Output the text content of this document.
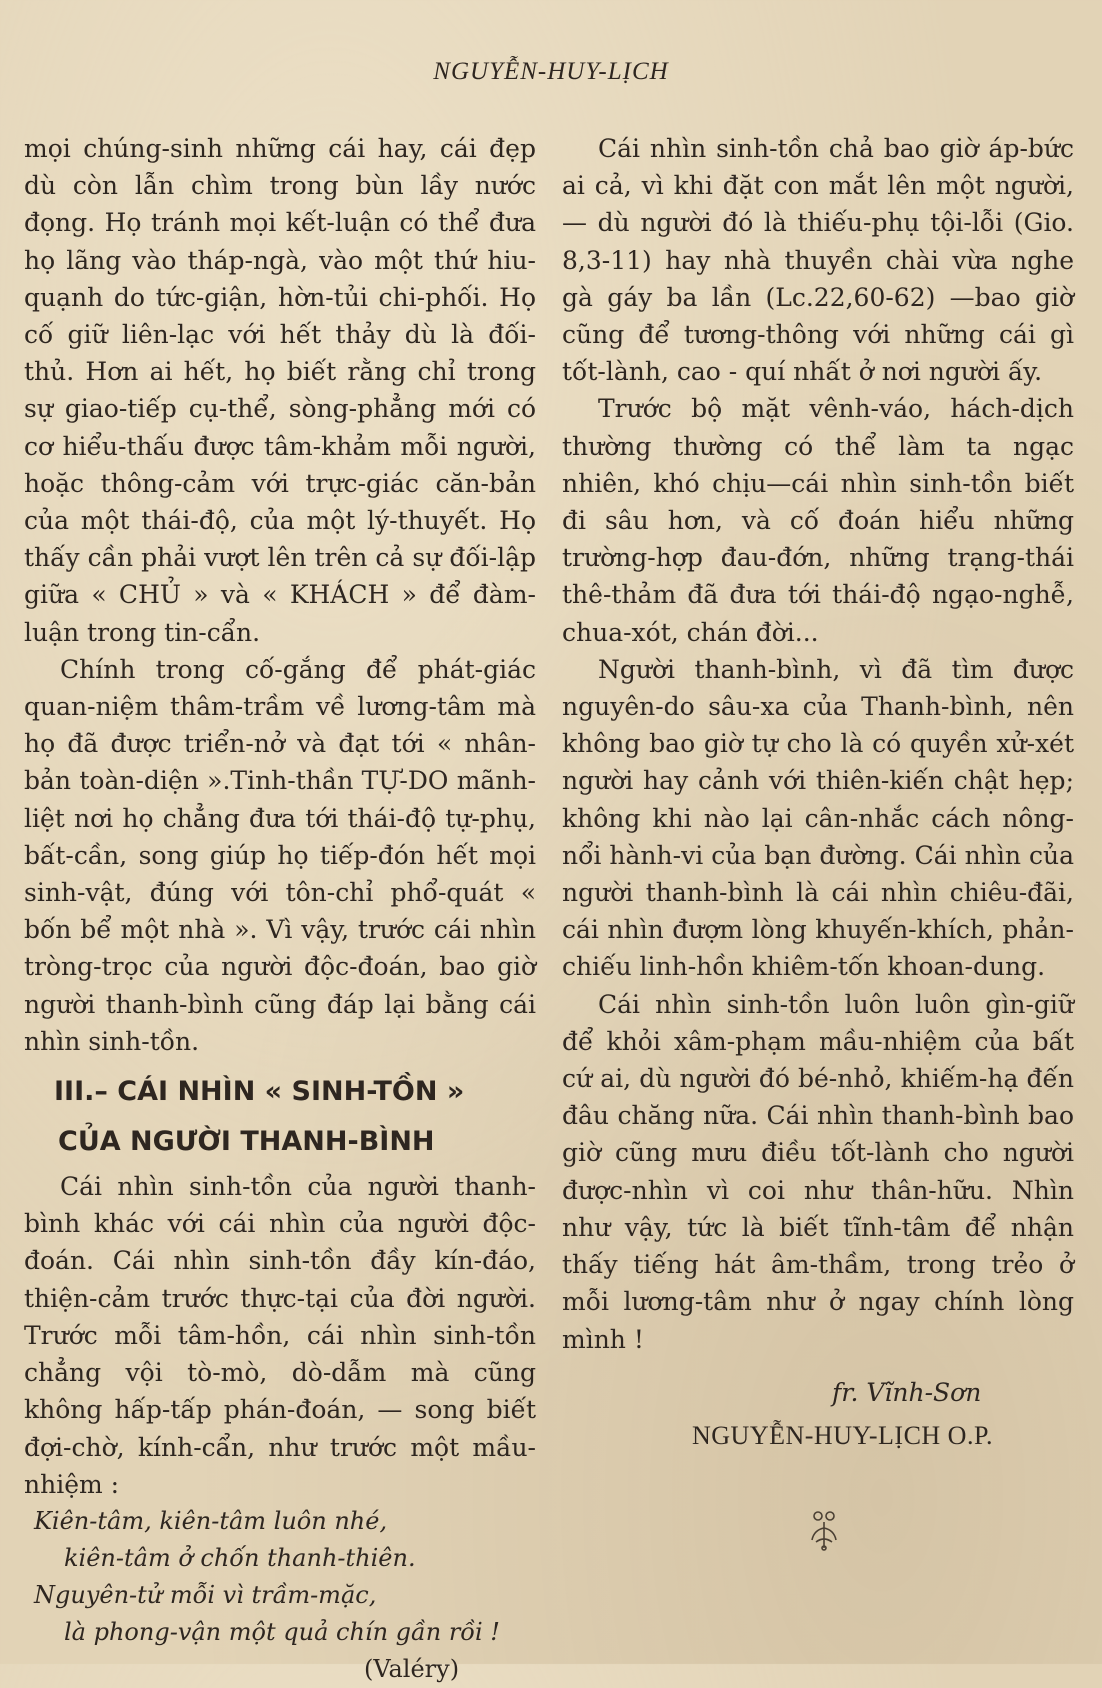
NGUYỄN-HUY-LỊCH

mọi chúng-sinh những cái hay, cái đẹp dù còn lẫn chìm trong bùn lầy nước đọng. Họ tránh mọi kết-luận có thể đưa họ lãng vào tháp-ngà, vào một thứ hiu-quạnh do tức-giận, hờn-tủi chi-phối. Họ cố giữ liên-lạc với hết thảy dù là đối-thủ. Hơn ai hết, họ biết rằng chỉ trong sự giao-tiếp cụ-thể, sòng-phẳng mới có cơ hiểu-thấu được tâm-khảm mỗi người, hoặc thông-cảm với trực-giác căn-bản của một thái-độ, của một lý-thuyết. Họ thấy cần phải vượt lên trên cả sự đối-lập giữa « CHỦ » và « KHÁCH » để đàm-luận trong tin-cẩn.

Chính trong cố-gắng để phát-giác quan-niệm thâm-trầm về lương-tâm mà họ đã được triển-nở và đạt tới « nhân-bản toàn-diện ».Tinh-thần TỰ-DO mãnh-liệt nơi họ chẳng đưa tới thái-độ tự-phụ, bất-cần, song giúp họ tiếp-đón hết mọi sinh-vật, đúng với tôn-chỉ phổ-quát « bốn bể một nhà ». Vì vậy, trước cái nhìn tròng-trọc của người độc-đoán, bao giờ người thanh-bình cũng đáp lại bằng cái nhìn sinh-tồn.

III.– CÁI NHÌN « SINH-TỒN »
CỦA NGƯỜI THANH-BÌNH

Cái nhìn sinh-tồn của người thanh-bình khác với cái nhìn của người độc-đoán. Cái nhìn sinh-tồn đầy kín-đáo, thiện-cảm trước thực-tại của đời người. Trước mỗi tâm-hồn, cái nhìn sinh-tồn chẳng vội tò-mò, dò-dẫm mà cũng không hấp-tấp phán-đoán, — song biết đợi-chờ, kính-cẩn, như trước một mầu-nhiệm :

Kiên-tâm, kiên-tâm luôn nhé,
kiên-tâm ở chốn thanh-thiên.
Nguyên-tử mỗi vì trầm-mặc,
là phong-vận một quả chín gần rồi !
(Valéry)

Cái nhìn sinh-tồn chả bao giờ áp-bức ai cả, vì khi đặt con mắt lên một người, — dù người đó là thiếu-phụ tội-lỗi (Gio. 8,3-11) hay nhà thuyền chài vừa nghe gà gáy ba lần (Lc.22,60-62) —bao giờ cũng để tương-thông với những cái gì tốt-lành, cao - quí nhất ở nơi người ấy.

Trước bộ mặt vênh-váo, hách-dịch thường thường có thể làm ta ngạc nhiên, khó chịu—cái nhìn sinh-tồn biết đi sâu hơn, và cố đoán hiểu những trường-hợp đau-đớn, những trạng-thái thê-thảm đã đưa tới thái-độ ngạo-nghễ, chua-xót, chán đời...

Người thanh-bình, vì đã tìm được nguyên-do sâu-xa của Thanh-bình, nên không bao giờ tự cho là có quyền xử-xét người hay cảnh với thiên-kiến chật hẹp; không khi nào lại cân-nhắc cách nông-nổi hành-vi của bạn đường. Cái nhìn của người thanh-bình là cái nhìn chiêu-đãi, cái nhìn đượm lòng khuyến-khích, phản-chiếu linh-hồn khiêm-tốn khoan-dung.

Cái nhìn sinh-tồn luôn luôn gìn-giữ để khỏi xâm-phạm mầu-nhiệm của bất cứ ai, dù người đó bé-nhỏ, khiếm-hạ đến đâu chăng nữa. Cái nhìn thanh-bình bao giờ cũng mưu điều tốt-lành cho người được-nhìn vì coi như thân-hữu. Nhìn như vậy, tức là biết tĩnh-tâm để nhận thấy tiếng hát âm-thầm, trong trẻo ở mỗi lương-tâm như ở ngay chính lòng mình !

fr. Vĩnh-Sơn
NGUYỄN-HUY-LỊCH O.P.
